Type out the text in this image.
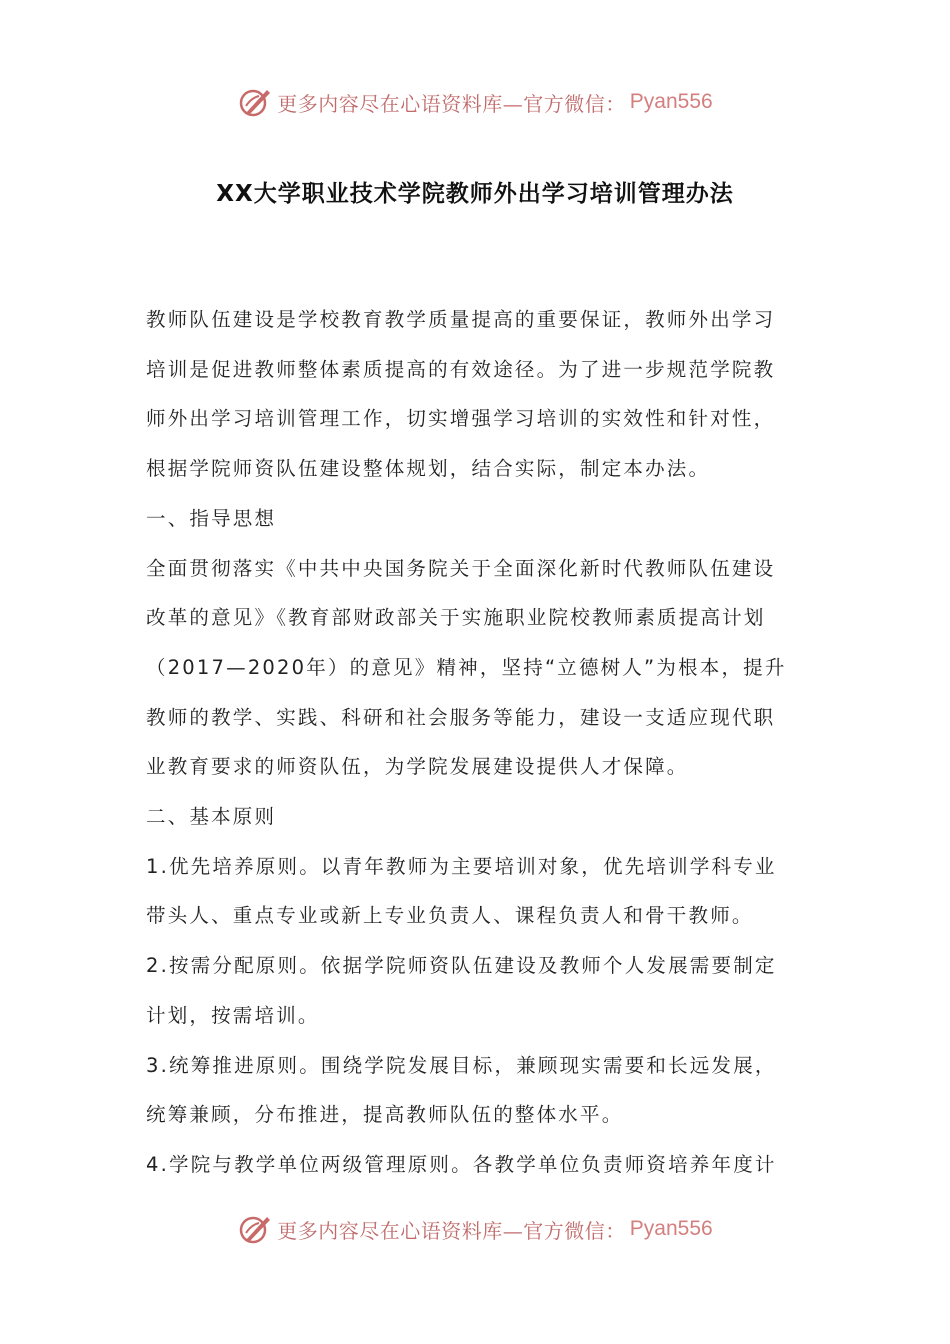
更多内容尽在心语资料库—官方微信： Pyan556
XX大学职业技术学院教师外出学习培训管理办法

教师队伍建设是学校教育教学质量提高的重要保证，教师外出学习

培训是促进教师整体素质提高的有效途径。为了进一步规范学院教

师外出学习培训管理工作，切实增强学习培训的实效性和针对性，

根据学院师资队伍建设整体规划，结合实际，制定本办法。

一、指导思想

全面贯彻落实《中共中央国务院关于全面深化新时代教师队伍建设

改革的意见》《教育部财政部关于实施职业院校教师素质提高计划

（2017—2020年）的意见》精神，坚持“立德树人”为根本，提升

教师的教学、实践、科研和社会服务等能力，建设一支适应现代职

业教育要求的师资队伍，为学院发展建设提供人才保障。

二、基本原则

1.优先培养原则。以青年教师为主要培训对象，优先培训学科专业

带头人、重点专业或新上专业负责人、课程负责人和骨干教师。

2.按需分配原则。依据学院师资队伍建设及教师个人发展需要制定

计划，按需培训。

3.统筹推进原则。围绕学院发展目标，兼顾现实需要和长远发展，

统筹兼顾，分布推进，提高教师队伍的整体水平。

4.学院与教学单位两级管理原则。各教学单位负责师资培养年度计

更多内容尽在心语资料库—官方微信： Pyan556
